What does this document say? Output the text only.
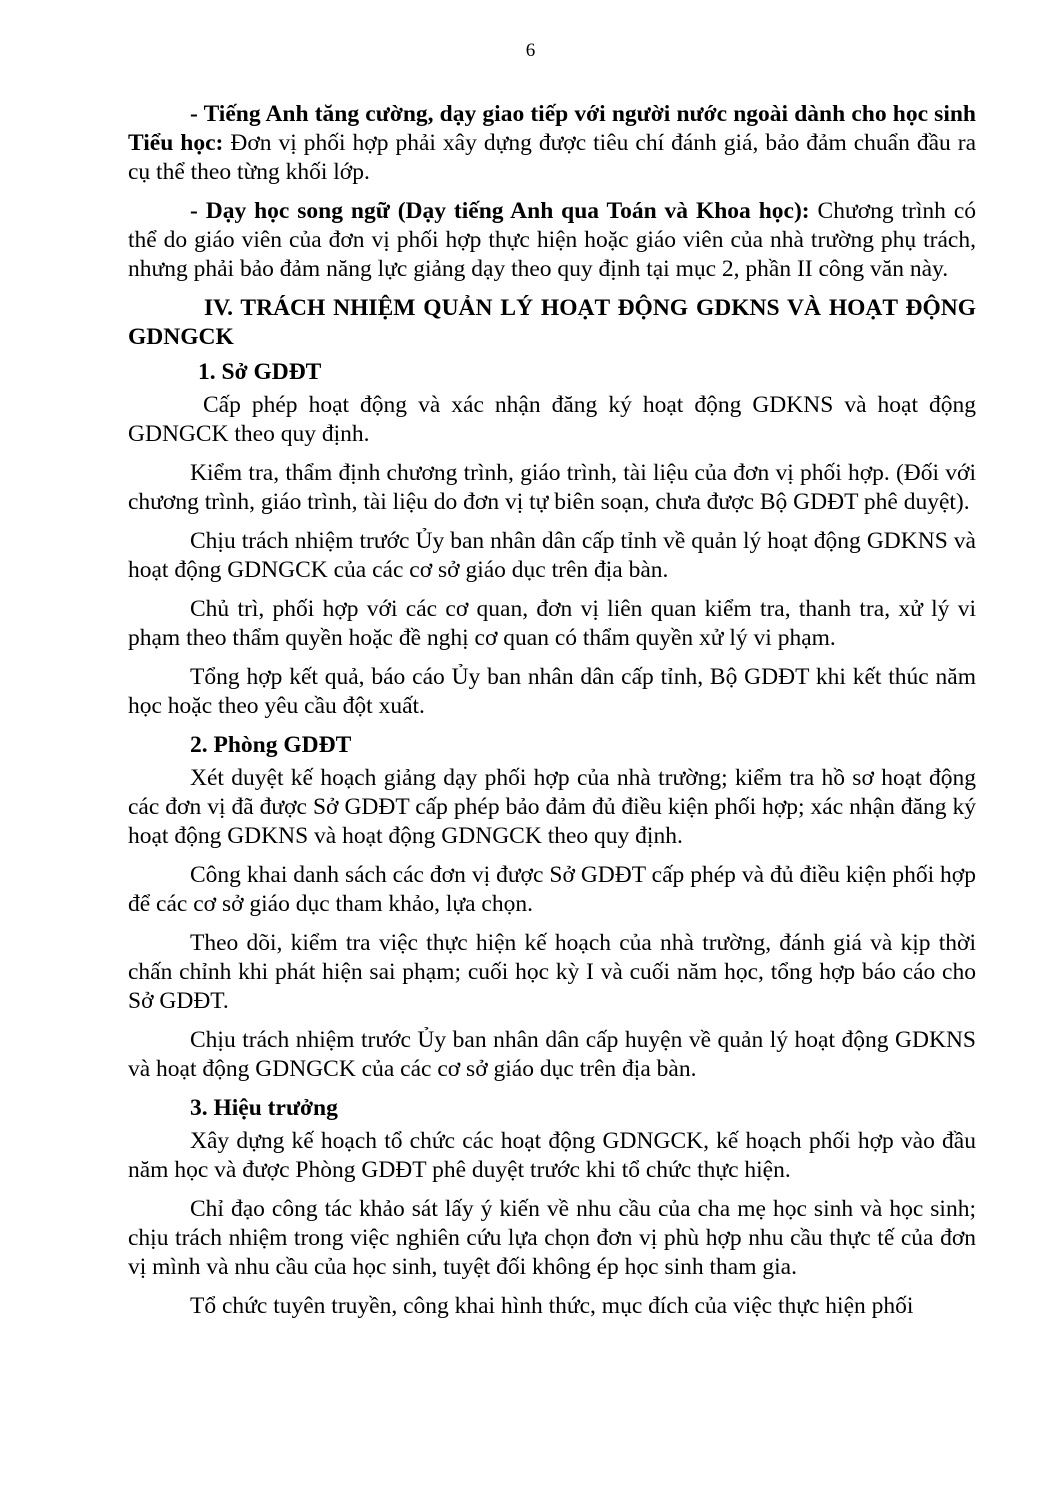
6

- Tiếng Anh tăng cường, dạy giao tiếp với người nước ngoài dành cho học sinh Tiểu học: Đơn vị phối hợp phải xây dựng được tiêu chí đánh giá, bảo đảm chuẩn đầu ra cụ thể theo từng khối lớp.

- Dạy học song ngữ (Dạy tiếng Anh qua Toán và Khoa học): Chương trình có thể do giáo viên của đơn vị phối hợp thực hiện hoặc giáo viên của nhà trường phụ trách, nhưng phải bảo đảm năng lực giảng dạy theo quy định tại mục 2, phần II công văn này.

IV. TRÁCH NHIỆM QUẢN LÝ HOẠT ĐỘNG GDKNS VÀ HOẠT ĐỘNG GDNGCK
1. Sở GDĐT

Cấp phép hoạt động và xác nhận đăng ký hoạt động GDKNS và hoạt động GDNGCK theo quy định.

Kiểm tra, thẩm định chương trình, giáo trình, tài liệu của đơn vị phối hợp. (Đối với chương trình, giáo trình, tài liệu do đơn vị tự biên soạn, chưa được Bộ GDĐT phê duyệt).

Chịu trách nhiệm trước Ủy ban nhân dân cấp tỉnh về quản lý hoạt động GDKNS và hoạt động GDNGCK của các cơ sở giáo dục trên địa bàn.

Chủ trì, phối hợp với các cơ quan, đơn vị liên quan kiểm tra, thanh tra, xử lý vi phạm theo thẩm quyền hoặc đề nghị cơ quan có thẩm quyền xử lý vi phạm.

Tổng hợp kết quả, báo cáo Ủy ban nhân dân cấp tỉnh, Bộ GDĐT khi kết thúc năm học hoặc theo yêu cầu đột xuất.

2. Phòng GDĐT

Xét duyệt kế hoạch giảng dạy phối hợp của nhà trường; kiểm tra hồ sơ hoạt động các đơn vị đã được Sở GDĐT cấp phép bảo đảm đủ điều kiện phối hợp; xác nhận đăng ký hoạt động GDKNS và hoạt động GDNGCK theo quy định.

Công khai danh sách các đơn vị được Sở GDĐT cấp phép và đủ điều kiện phối hợp để các cơ sở giáo dục tham khảo, lựa chọn.

Theo dõi, kiểm tra việc thực hiện kế hoạch của nhà trường, đánh giá và kịp thời chấn chỉnh khi phát hiện sai phạm; cuối học kỳ I và cuối năm học, tổng hợp báo cáo cho Sở GDĐT.

Chịu trách nhiệm trước Ủy ban nhân dân cấp huyện về quản lý hoạt động GDKNS và hoạt động GDNGCK của các cơ sở giáo dục trên địa bàn.

3. Hiệu trưởng

Xây dựng kế hoạch tổ chức các hoạt động GDNGCK, kế hoạch phối hợp vào đầu năm học và được Phòng GDĐT phê duyệt trước khi tổ chức thực hiện.

Chỉ đạo công tác khảo sát lấy ý kiến về nhu cầu của cha mẹ học sinh và học sinh; chịu trách nhiệm trong việc nghiên cứu lựa chọn đơn vị phù hợp nhu cầu thực tế của đơn vị mình và nhu cầu của học sinh, tuyệt đối không ép học sinh tham gia.

Tổ chức tuyên truyền, công khai hình thức, mục đích của việc thực hiện phối
